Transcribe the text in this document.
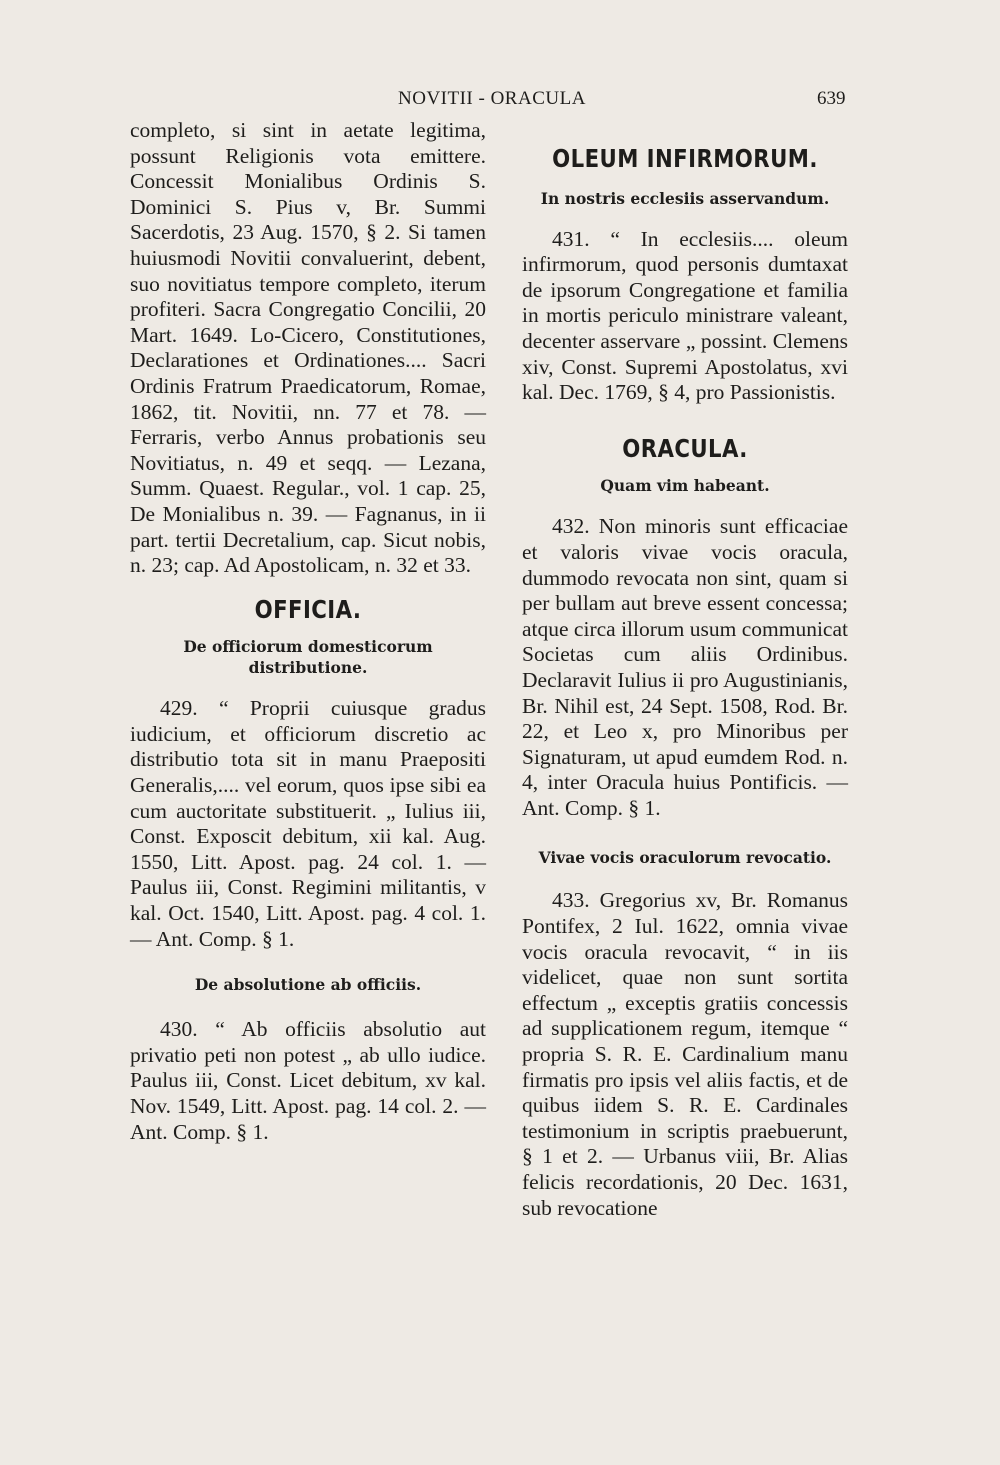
NOVITII - ORACULA	639

completo, si sint in aetate legitima, possunt Religionis vota emittere. Concessit Monialibus Ordinis S. Dominici S. Pius v, Br. Summi Sacerdotis, 23 Aug. 1570, § 2. Si tamen huiusmodi Novitii convaluerint, debent, suo novitiatus tempore completo, iterum profiteri. Sacra Congregatio Concilii, 20 Mart. 1649. Lo-Cicero, Constitutiones, Declarationes et Ordinationes.... Sacri Ordinis Fratrum Praedicatorum, Romae, 1862, tit. Novitii, nn. 77 et 78. — Ferraris, verbo Annus probationis seu Novitiatus, n. 49 et seqq. — Lezana, Summ. Quaest. Regular., vol. 1 cap. 25, De Monialibus n. 39. — Fagnanus, in ii part. tertii Decretalium, cap. Sicut nobis, n. 23; cap. Ad Apostolicam, n. 32 et 33.

OFFICIA.

De officiorum domesticorum distributione.

429. “ Proprii cuiusque gradus iudicium, et officiorum discretio ac distributio tota sit in manu Praepositi Generalis,.... vel eorum, quos ipse sibi ea cum auctoritate substituerit. „ Iulius iii, Const. Exposcit debitum, xii kal. Aug. 1550, Litt. Apost. pag. 24 col. 1. — Paulus iii, Const. Regimini militantis, v kal. Oct. 1540, Litt. Apost. pag. 4 col. 1. — Ant. Comp. § 1.

De absolutione ab officiis.

430. “ Ab officiis absolutio aut privatio peti non potest „ ab ullo iudice. Paulus iii, Const. Licet debitum, xv kal. Nov. 1549, Litt. Apost. pag. 14 col. 2. — Ant. Comp. § 1.

OLEUM INFIRMORUM.

In nostris ecclesiis asservandum.

431. “ In ecclesiis.... oleum infirmorum, quod personis dumtaxat de ipsorum Congregatione et familia in mortis periculo ministrare valeant, decenter asservare „ possint. Clemens xiv, Const. Supremi Apostolatus, xvi kal. Dec. 1769, § 4, pro Passionistis.

ORACULA.

Quam vim habeant.

432. Non minoris sunt efficaciae et valoris vivae vocis oracula, dummodo revocata non sint, quam si per bullam aut breve essent concessa; atque circa illorum usum communicat Societas cum aliis Ordinibus. Declaravit Iulius ii pro Augustinianis, Br. Nihil est, 24 Sept. 1508, Rod. Br. 22, et Leo x, pro Minoribus per Signaturam, ut apud eumdem Rod. n. 4, inter Oracula huius Pontificis. — Ant. Comp. § 1.

Vivae vocis oraculorum revocatio.

433. Gregorius xv, Br. Romanus Pontifex, 2 Iul. 1622, omnia vivae vocis oracula revocavit, “ in iis videlicet, quae non sunt sortita effectum „ exceptis gratiis concessis ad supplicationem regum, itemque “ propria S. R. E. Cardinalium manu firmatis pro ipsis vel aliis factis, et de quibus iidem S. R. E. Cardinales testimonium in scriptis praebuerunt, § 1 et 2. — Urbanus viii, Br. Alias felicis recordationis, 20 Dec. 1631, sub revocatione
